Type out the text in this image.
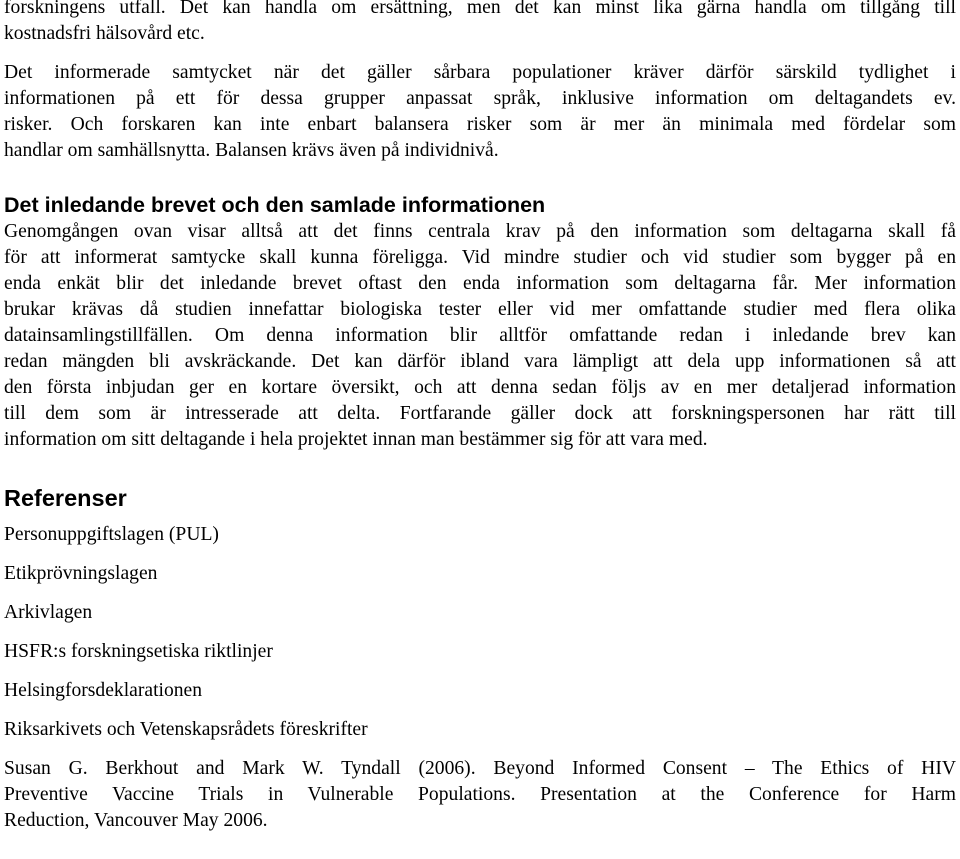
forskningens utfall. Det kan handla om ersättning, men det kan minst lika gärna handla om tillgång till
kostnadsfri hälsovård etc.
Det informerade samtycket när det gäller sårbara populationer kräver därför särskild tydlighet i
informationen på ett för dessa grupper anpassat språk, inklusive information om deltagandets ev.
risker. Och forskaren kan inte enbart balansera risker som är mer än minimala med fördelar som
handlar om samhällsnytta. Balansen krävs även på individnivå.
Det inledande brevet och den samlade informationen
Genomgången ovan visar alltså att det finns centrala krav på den information som deltagarna skall få
för att informerat samtycke skall kunna föreligga. Vid mindre studier och vid studier som bygger på en
enda enkät blir det inledande brevet oftast den enda information som deltagarna får. Mer information
brukar krävas då studien innefattar biologiska tester eller vid mer omfattande studier med flera olika
datainsamlingstillfällen. Om denna information blir alltför omfattande redan i inledande brev kan
redan mängden bli avskräckande. Det kan därför ibland vara lämpligt att dela upp informationen så att
den första inbjudan ger en kortare översikt, och att denna sedan följs av en mer detaljerad information
till dem som är intresserade att delta. Fortfarande gäller dock att forskningspersonen har rätt till
information om sitt deltagande i hela projektet innan man bestämmer sig för att vara med.
Referenser
Personuppgiftslagen (PUL)
Etikprövningslagen
Arkivlagen
HSFR:s forskningsetiska riktlinjer
Helsingforsdeklarationen
Riksarkivets och Vetenskapsrådets föreskrifter
Susan G. Berkhout and Mark W. Tyndall (2006). Beyond Informed Consent – The Ethics of HIV
Preventive Vaccine Trials in Vulnerable Populations. Presentation at the Conference for Harm
Reduction, Vancouver May 2006.
